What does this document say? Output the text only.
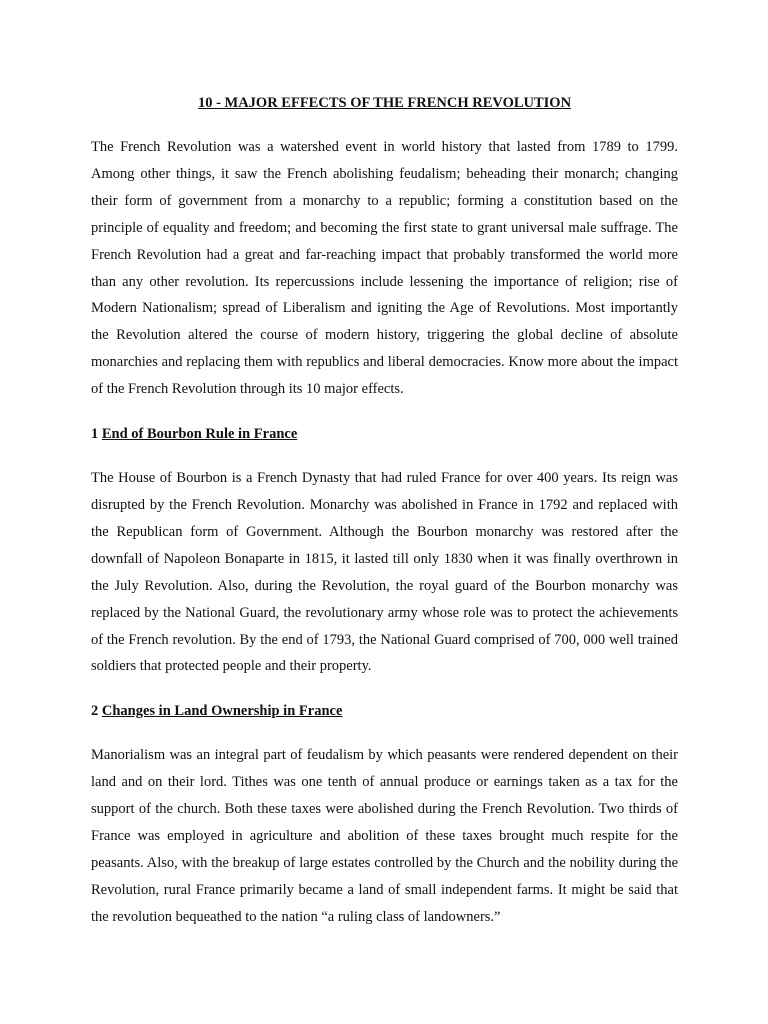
10 - MAJOR EFFECTS OF THE FRENCH REVOLUTION

The French Revolution was a watershed event in world history that lasted from 1789 to 1799. Among other things, it saw the French abolishing feudalism; beheading their monarch; changing their form of government from a monarchy to a republic; forming a constitution based on the principle of equality and freedom; and becoming the first state to grant universal male suffrage. The French Revolution had a great and far-reaching impact that probably transformed the world more than any other revolution. Its repercussions include lessening the importance of religion; rise of Modern Nationalism; spread of Liberalism and igniting the Age of Revolutions. Most importantly the Revolution altered the course of modern history, triggering the global decline of absolute monarchies and replacing them with republics and liberal democracies. Know more about the impact of the French Revolution through its 10 major effects.

1 End of Bourbon Rule in France

The House of Bourbon is a French Dynasty that had ruled France for over 400 years. Its reign was disrupted by the French Revolution. Monarchy was abolished in France in 1792 and replaced with the Republican form of Government. Although the Bourbon monarchy was restored after the downfall of Napoleon Bonaparte in 1815, it lasted till only 1830 when it was finally overthrown in the July Revolution. Also, during the Revolution, the royal guard of the Bourbon monarchy was replaced by the National Guard, the revolutionary army whose role was to protect the achievements of the French revolution. By the end of 1793, the National Guard comprised of 700, 000 well trained soldiers that protected people and their property.

2 Changes in Land Ownership in France

Manorialism was an integral part of feudalism by which peasants were rendered dependent on their land and on their lord. Tithes was one tenth of annual produce or earnings taken as a tax for the support of the church. Both these taxes were abolished during the French Revolution. Two thirds of France was employed in agriculture and abolition of these taxes brought much respite for the peasants. Also, with the breakup of large estates controlled by the Church and the nobility during the Revolution, rural France primarily became a land of small independent farms. It might be said that the revolution bequeathed to the nation “a ruling class of landowners.”
